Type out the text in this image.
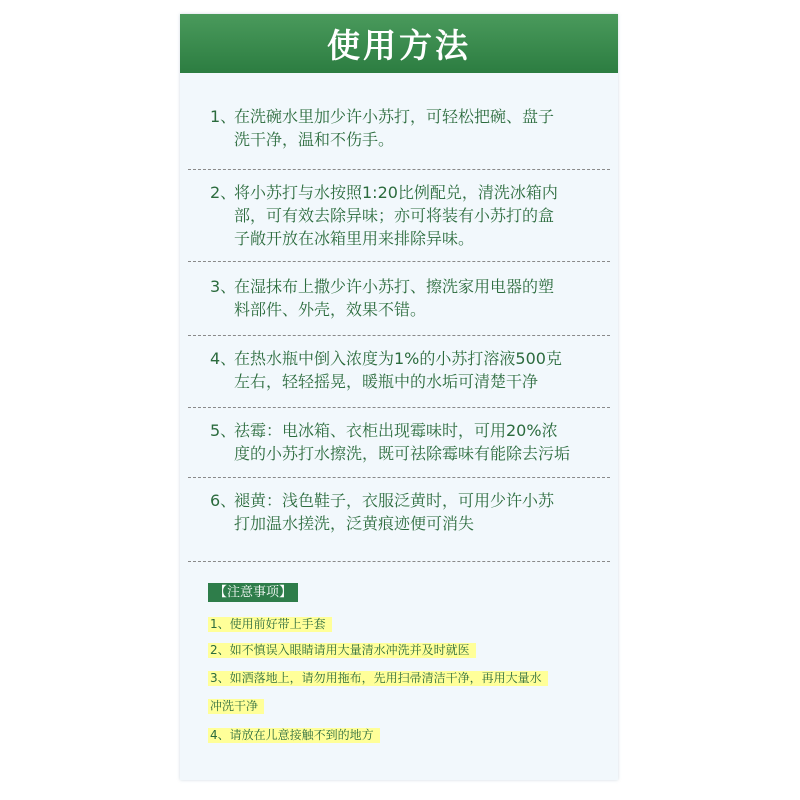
使用方法
1、
在洗碗水里加少许小苏打，可轻松把碗、盘子
洗干净，温和不伤手。
2、
将小苏打与水按照1:20比例配兑，清洗冰箱内
部，可有效去除异味；亦可将装有小苏打的盒
子敞开放在冰箱里用来排除异味。
3、
在湿抹布上撒少许小苏打、擦洗家用电器的塑
料部件、外壳，效果不错。
4、
在热水瓶中倒入浓度为1%的小苏打溶液500克
左右，轻轻摇晃，暖瓶中的水垢可清楚干净
5、
祛霉：电冰箱、衣柜出现霉味时，可用20%浓
度的小苏打水擦洗，既可祛除霉味有能除去污垢
6、
褪黄：浅色鞋子，衣服泛黄时，可用少许小苏
打加温水搓洗，泛黄痕迹便可消失
【注意事项】
1、使用前好带上手套
2、如不慎误入眼睛请用大量清水冲洗并及时就医
3、如洒落地上，请勿用拖布，先用扫帚清洁干净，再用大量水
冲洗干净
4、请放在儿意接触不到的地方
